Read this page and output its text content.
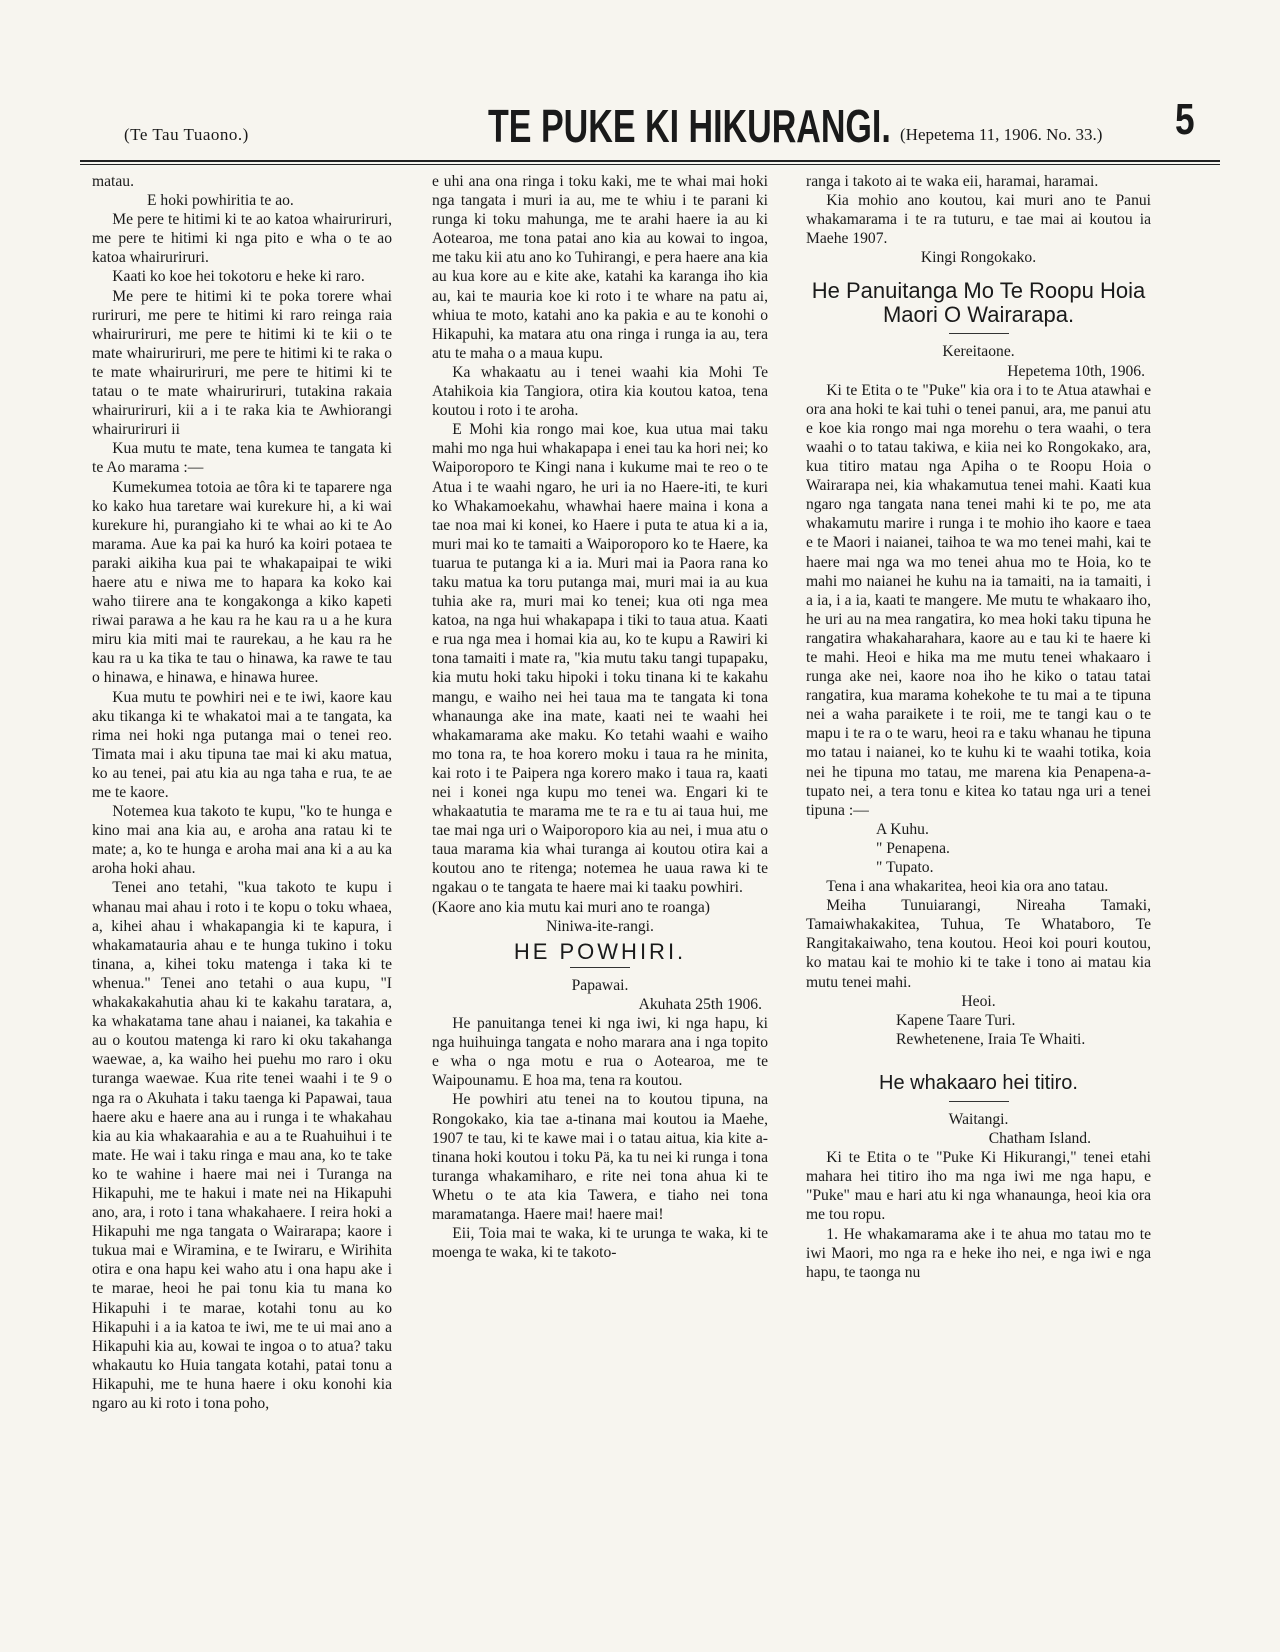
(Te Tau Tuaono.)	TE PUKE KI HIKURANGI. (Hepetema 11, 1906. No. 33.) 5

matau.

E hoki powhiritia te ao.

Me pere te hitimi ki te ao katoa whairuriruri, me pere te hitimi ki nga pito e wha o te ao katoa whairuriruri.

Kaati ko koe hei tokotoru e heke ki raro.

Me pere te hitimi ki te poka torere whai ruriruri, me pere te hitimi ki raro reinga raia whairuriruri, me pere te hitimi ki te kii o te mate whairuriruri, me pere te hitimi ki te raka o te mate whairuriruri, me pere te hitimi ki te tatau o te mate whairuriruri, tutakina rakaia whairuriruri, kii a i te raka kia te Awhiorangi whairuriruri ii

Kua mutu te mate, tena kumea te tangata ki te Ao marama :—

Kumekumea totoia ae tôra ki te taparere nga ko kako hua taretare wai kurekure hi, a ki wai kurekure hi, purangiaho ki te whai ao ki te Ao marama. Aue ka pai ka huró ka koiri potaea te paraki aikiha kua pai te whakapaipai te wiki haere atu e niwa me to hapara ka koko kai waho tiirere ana te kongakonga a kiko kapeti riwai parawa a he kau ra he kau ra u a he kura miru kia miti mai te raurekau, a he kau ra he kau ra u ka tika te tau o hinawa, ka rawe te tau o hinawa, e hinawa, e hinawa huree.

Kua mutu te powhiri nei e te iwi, kaore kau aku tikanga ki te whakatoi mai a te tangata, ka rima nei hoki nga putanga mai o tenei reo. Timata mai i aku tipuna tae mai ki aku matua, ko au tenei, pai atu kia au nga taha e rua, te ae me te kaore.

Notemea kua takoto te kupu, "ko te hunga e kino mai ana kia au, e aroha ana ratau ki te mate; a, ko te hunga e aroha mai ana ki a au ka aroha hoki ahau.

Tenei ano tetahi, "kua takoto te kupu i whanau mai ahau i roto i te kopu o toku whaea, a, kihei ahau i whakapangia ki te kapura, i whakamatauria ahau e te hunga tukino i toku tinana, a, kihei toku matenga i taka ki te whenua." Tenei ano tetahi o aua kupu, "I whakakakahutia ahau ki te kakahu taratara, a, ka whakatama tane ahau i naianei, ka takahia e au o koutou matenga ki raro ki oku takahanga waewae, a, ka waiho hei puehu mo raro i oku turanga waewae. Kua rite tenei waahi i te 9 o nga ra o Akuhata i taku taenga ki Papawai, taua haere aku e haere ana au i runga i te whakahau kia au kia whakaarahia e au a te Ruahuihui i te mate. He wai i taku ringa e mau ana, ko te take ko te wahine i haere mai nei i Turanga na Hikapuhi, me te hakui i mate nei na Hikapuhi ano, ara, i roto i tana whakahaere. I reira hoki a Hikapuhi me nga tangata o Wairarapa; kaore i tukua mai e Wiramina, e te Iwiraru, e Wirihita otira e ona hapu kei waho atu i ona hapu ake i te marae, heoi he pai tonu kia tu mana ko Hikapuhi i te marae, kotahi tonu au ko Hikapuhi i a ia katoa te iwi, me te ui mai ano a Hikapuhi kia au, kowai te ingoa o to atua? taku whakautu ko Huia tangata kotahi, patai tonu a Hikapuhi, me te huna haere i oku konohi kia ngaro au ki roto i tona poho,

e uhi ana ona ringa i toku kaki, me te whai mai hoki nga tangata i muri ia au, me te whiu i te parani ki runga ki toku mahunga, me te arahi haere ia au ki Aotearoa, me tona patai ano kia au kowai to ingoa, me taku kii atu ano ko Tuhirangi, e pera haere ana kia au kua kore au e kite ake, katahi ka karanga iho kia au, kai te mauria koe ki roto i te whare na patu ai, whiua te moto, katahi ano ka pakia e au te konohi o Hikapuhi, ka matara atu ona ringa i runga ia au, tera atu te maha o a maua kupu.

Ka whakaatu au i tenei waahi kia Mohi Te Atahikoia kia Tangiora, otira kia koutou katoa, tena koutou i roto i te aroha.

E Mohi kia rongo mai koe, kua utua mai taku mahi mo nga hui whakapapa i enei tau ka hori nei; ko Waiporoporo te Kingi nana i kukume mai te reo o te Atua i te waahi ngaro, he uri ia no Haere-iti, te kuri ko Whakamoekahu, whawhai haere maina i kona a tae noa mai ki konei, ko Haere i puta te atua ki a ia, muri mai ko te tamaiti a Waiporoporo ko te Haere, ka tuarua te putanga ki a ia. Muri mai ia Paora rana ko taku matua ka toru putanga mai, muri mai ia au kua tuhia ake ra, muri mai ko tenei; kua oti nga mea katoa, na nga hui whakapapa i tiki to taua atua. Kaati e rua nga mea i homai kia au, ko te kupu a Rawiri ki tona tamaiti i mate ra, "kia mutu taku tangi tupapaku, kia mutu hoki taku hipoki i toku tinana ki te kakahu mangu, e waiho nei hei taua ma te tangata ki tona whanaunga ake ina mate, kaati nei te waahi hei whakamarama ake maku. Ko tetahi waahi e waiho mo tona ra, te hoa korero moku i taua ra he minita, kai roto i te Paipera nga korero mako i taua ra, kaati nei i konei nga kupu mo tenei wa. Engari ki te whakaatutia te marama me te ra e tu ai taua hui, me tae mai nga uri o Waiporoporo kia au nei, i mua atu o taua marama kia whai turanga ai koutou otira kai a koutou ano te ritenga; notemea he uaua rawa ki te ngakau o te tangata te haere mai ki taaku powhiri.

(Kaore ano kia mutu kai muri ano te roanga)

Niniwa-ite-rangi.

HE POWHIRI.

Papawai.

Akuhata 25th 1906.

He panuitanga tenei ki nga iwi, ki nga hapu, ki nga huihuinga tangata e noho marara ana i nga topito e wha o nga motu e rua o Aotearoa, me te Waipounamu. E hoa ma, tena ra koutou.

He powhiri atu tenei na to koutou tipuna, na Rongokako, kia tae a-tinana mai koutou ia Maehe, 1907 te tau, ki te kawe mai i o tatau aitua, kia kite a-tinana hoki koutou i toku Pä, ka tu nei ki runga i tona turanga whakamiharo, e rite nei tona ahua ki te Whetu o te ata kia Tawera, e tiaho nei tona maramatanga. Haere mai! haere mai!

Eii, Toia mai te waka, ki te urunga te waka, ki te moenga te waka, ki te takoto-

ranga i takoto ai te waka eii, haramai, haramai.

Kia mohio ano koutou, kai muri ano te Panui whakamarama i te ra tuturu, e tae mai ai koutou ia Maehe 1907.

Kingi Rongokako.

He Panuitanga Mo Te Roopu Hoia Maori O Wairarapa.

Kereitaone.

Hepetema 10th, 1906.

Ki te Etita o te "Puke" kia ora i to te Atua atawhai e ora ana hoki te kai tuhi o tenei panui, ara, me panui atu e koe kia rongo mai nga morehu o tera waahi, o tera waahi o to tatau takiwa, e kiia nei ko Rongokako, ara, kua titiro matau nga Apiha o te Roopu Hoia o Wairarapa nei, kia whakamutua tenei mahi. Kaati kua ngaro nga tangata nana tenei mahi ki te po, me ata whakamutu marire i runga i te mohio iho kaore e taea e te Maori i naianei, taihoa te wa mo tenei mahi, kai te haere mai nga wa mo tenei ahua mo te Hoia, ko te mahi mo naianei he kuhu na ia tamaiti, na ia tamaiti, i a ia, i a ia, kaati te mangere. Me mutu te whakaaro iho, he uri au na mea rangatira, ko mea hoki taku tipuna he rangatira whakaharahara, kaore au e tau ki te haere ki te mahi. Heoi e hika ma me mutu tenei whakaaro i runga ake nei, kaore noa iho he kiko o tatau tatai rangatira, kua marama kohekohe te tu mai a te tipuna nei a waha paraikete i te roii, me te tangi kau o te mapu i te ra o te waru, heoi ra e taku whanau he tipuna mo tatau i naianei, ko te kuhu ki te waahi totika, koia nei he tipuna mo tatau, me marena kia Penapena-a-tupato nei, a tera tonu e kitea ko tatau nga uri a tenei tipuna :—

A Kuhu.

" Penapena.

" Tupato.

Tena i ana whakaritea, heoi kia ora ano tatau.

Meiha Tunuiarangi, Nireaha Tamaki, Tamaiwhakakitea, Tuhua, Te Whataboro, Te Rangitakaiwaho, tena koutou. Heoi koi pouri koutou, ko matau kai te mohio ki te take i tono ai matau kia mutu tenei mahi.

Heoi.

Kapene Taare Turi.

Rewhetenene, Iraia Te Whaiti.

He whakaaro hei titiro.

Waitangi.

Chatham Island.

Ki te Etita o te "Puke Ki Hikurangi," tenei etahi mahara hei titiro iho ma nga iwi me nga hapu, e "Puke" mau e hari atu ki nga whanaunga, heoi kia ora me tou ropu.

1. He whakamarama ake i te ahua mo tatau mo te iwi Maori, mo nga ra e heke iho nei, e nga iwi e nga hapu, te taonga nu
